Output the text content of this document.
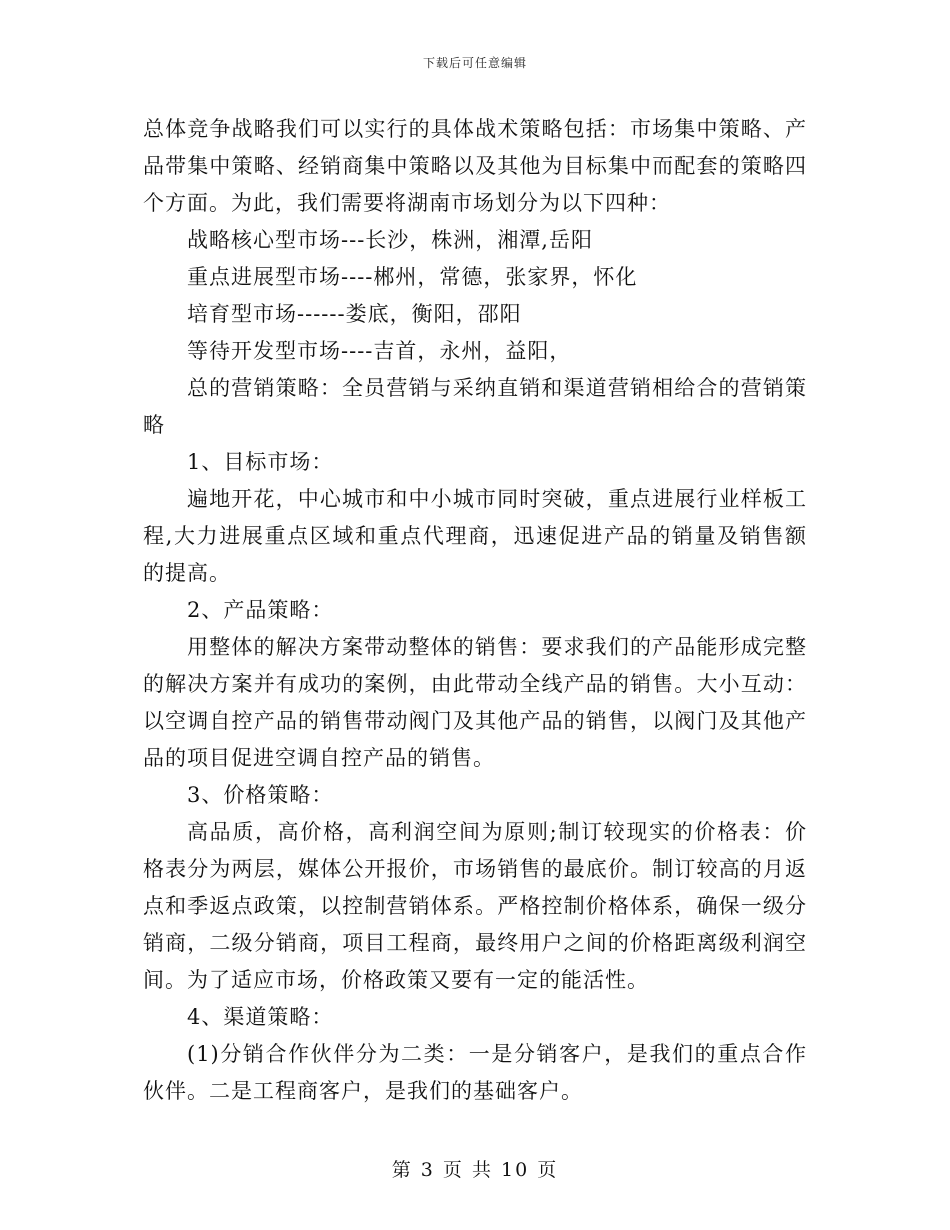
下载后可任意编辑

总体竞争战略我们可以实行的具体战术策略包括：市场集中策略、产品带集中策略、经销商集中策略以及其他为目标集中而配套的策略四个方面。为此，我们需要将湖南市场划分为以下四种：

战略核心型市场---长沙，株洲，湘潭,岳阳

重点进展型市场----郴州，常德，张家界，怀化

培育型市场------娄底，衡阳，邵阳

等待开发型市场----吉首，永州，益阳，

总的营销策略：全员营销与采纳直销和渠道营销相给合的营销策略

1、目标市场：

遍地开花，中心城市和中小城市同时突破，重点进展行业样板工程,大力进展重点区域和重点代理商，迅速促进产品的销量及销售额的提高。

2、产品策略：

用整体的解决方案带动整体的销售：要求我们的产品能形成完整的解决方案并有成功的案例，由此带动全线产品的销售。大小互动：以空调自控产品的销售带动阀门及其他产品的销售，以阀门及其他产品的项目促进空调自控产品的销售。

3、价格策略：

高品质，高价格，高利润空间为原则;制订较现实的价格表：价格表分为两层，媒体公开报价，市场销售的最底价。制订较高的月返点和季返点政策，以控制营销体系。严格控制价格体系，确保一级分销商，二级分销商，项目工程商，最终用户之间的价格距离级利润空间。为了适应市场，价格政策又要有一定的能活性。

4、渠道策略：

(1)分销合作伙伴分为二类：一是分销客户，是我们的重点合作伙伴。二是工程商客户，是我们的基础客户。

第 3 页 共 10 页
